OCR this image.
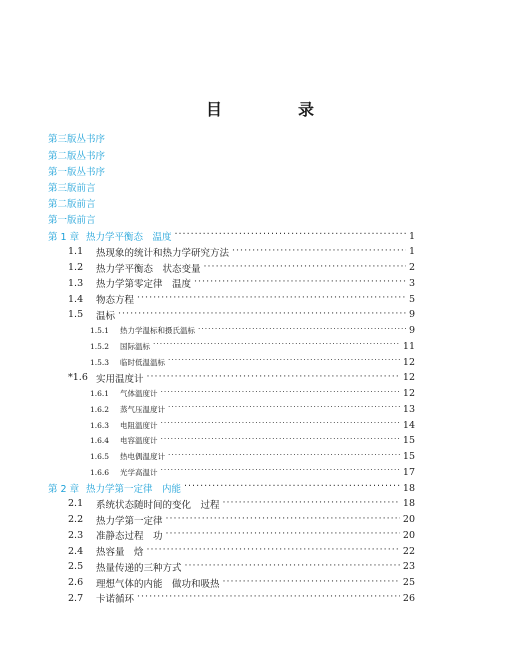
目　录
第三版丛书序
第二版丛书序
第一版丛书序
第三版前言
第二版前言
第一版前言
第 1 章 热力学平衡态　温度 ·····	1
1.1	热现象的统计和热力学研究方法 ·····	1
1.2	热力学平衡态　状态变量 ·····	2
1.3	热力学第零定律　温度 ·····	3
1.4	物态方程 ·····	5
1.5	温标 ·····	9
1.5.1	热力学温标和摄氏温标 ·····	9
1.5.2	国际温标 ·····	11
1.5.3	临时低温温标 ·····	12
*1.6 实用温度计 ·····	12
1.6.1	气体温度计 ·····	12
1.6.2	蒸气压温度计 ·····	13
1.6.3	电阻温度计 ·····	14
1.6.4	电容温度计 ·····	15
1.6.5	热电偶温度计 ·····	15
1.6.6	光学高温计 ·····	17
第 2 章 热力学第一定律　内能 ·····	18
2.1	系统状态随时间的变化　过程 ·····	18
2.2	热力学第一定律 ·····	20
2.3	准静态过程　功 ·····	20
2.4	热容量　焓 ·····	22
2.5	热量传递的三种方式 ·····	23
2.6	理想气体的内能　做功和吸热 ·····	25
2.7	卡诺循环 ·····	26
